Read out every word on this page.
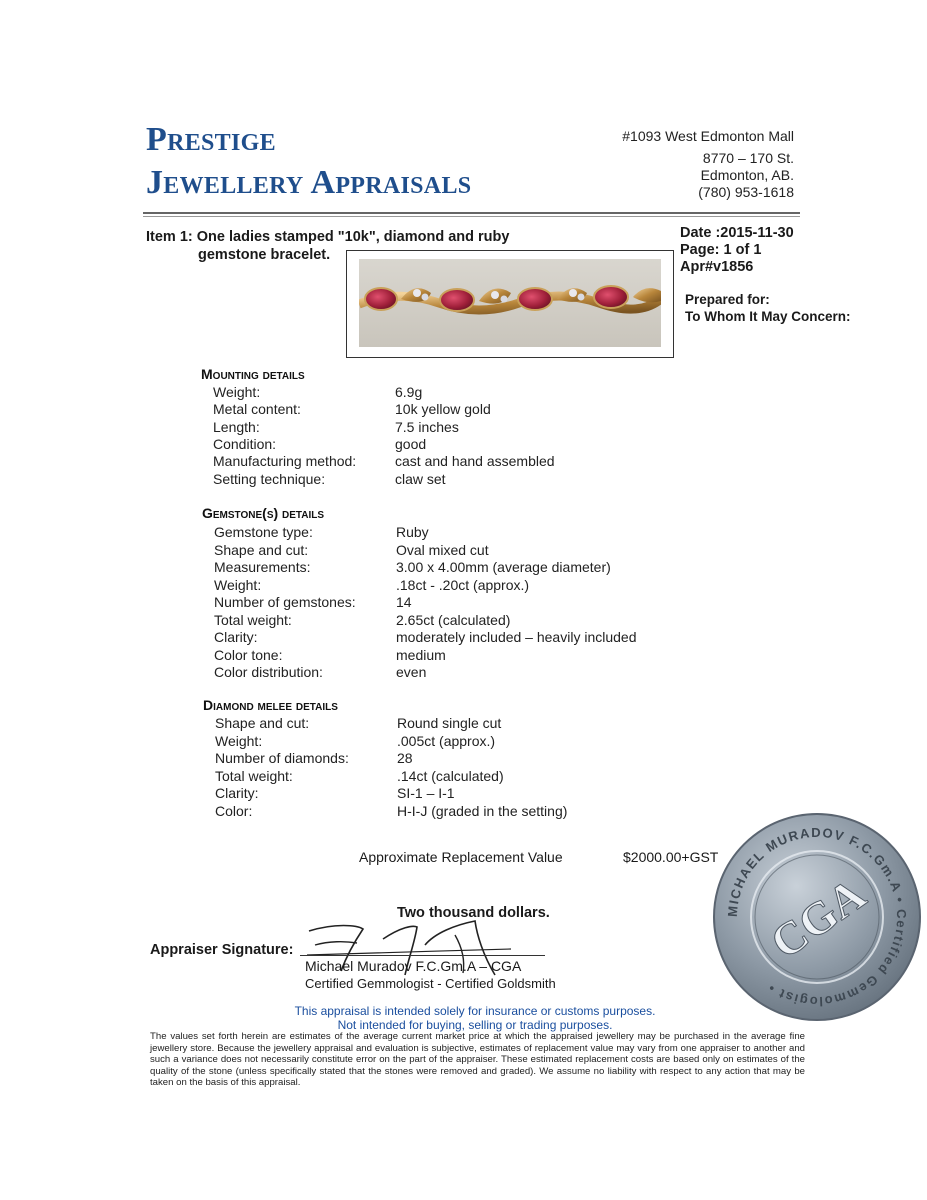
Prestige
Jewellery Appraisals
#1093 West Edmonton Mall
8770 – 170 St.
Edmonton, AB.
(780) 953-1618
Item 1: One ladies stamped "10k", diamond and ruby
gemstone bracelet.
Date :2015-11-30
Page: 1 of 1
Apr#v1856
Prepared for:
To Whom It May Concern:
Mounting details
Weight:	6.9g
Metal content:	10k yellow gold
Length:	7.5 inches
Condition:	good
Manufacturing method:	cast and hand assembled
Setting technique:	claw set
Gemstone(s) details
Gemstone type:	Ruby
Shape and cut:	Oval mixed cut
Measurements:	3.00 x 4.00mm (average diameter)
Weight:	.18ct - .20ct (approx.)
Number of gemstones:	14
Total weight:	2.65ct (calculated)
Clarity:	moderately included – heavily included
Color tone:	medium
Color distribution:	even
Diamond melee details
Shape and cut:	Round single cut
Weight:	.005ct (approx.)
Number of diamonds:	28
Total weight:	.14ct (calculated)
Clarity:	SI-1 – I-1
Color:	H-I-J (graded in the setting)
Approximate Replacement Value	$2000.00+GST
Two thousand dollars.
Appraiser Signature:
Michael Muradov F.C.Gm.A – CGA
Certified Gemmologist - Certified Goldsmith
This appraisal is intended solely for insurance or customs purposes.
Not intended for buying, selling or trading purposes.
The values set forth herein are estimates of the average current market price at which the appraised jewellery may be purchased in the average fine jewellery store. Because the jewellery appraisal and evaluation is subjective, estimates of replacement value may vary from one appraiser to another and such a variance does not necessarily constitute error on the part of the appraiser. These estimated replacement costs are based only on estimates of the quality of the stone (unless specifically stated that the stones were removed and graded). We assume no liability with respect to any action that may be taken on the basis of this appraisal.
MICHAEL MURADOV F.C.Gm.A • Certified Gemmologist •
CGA
